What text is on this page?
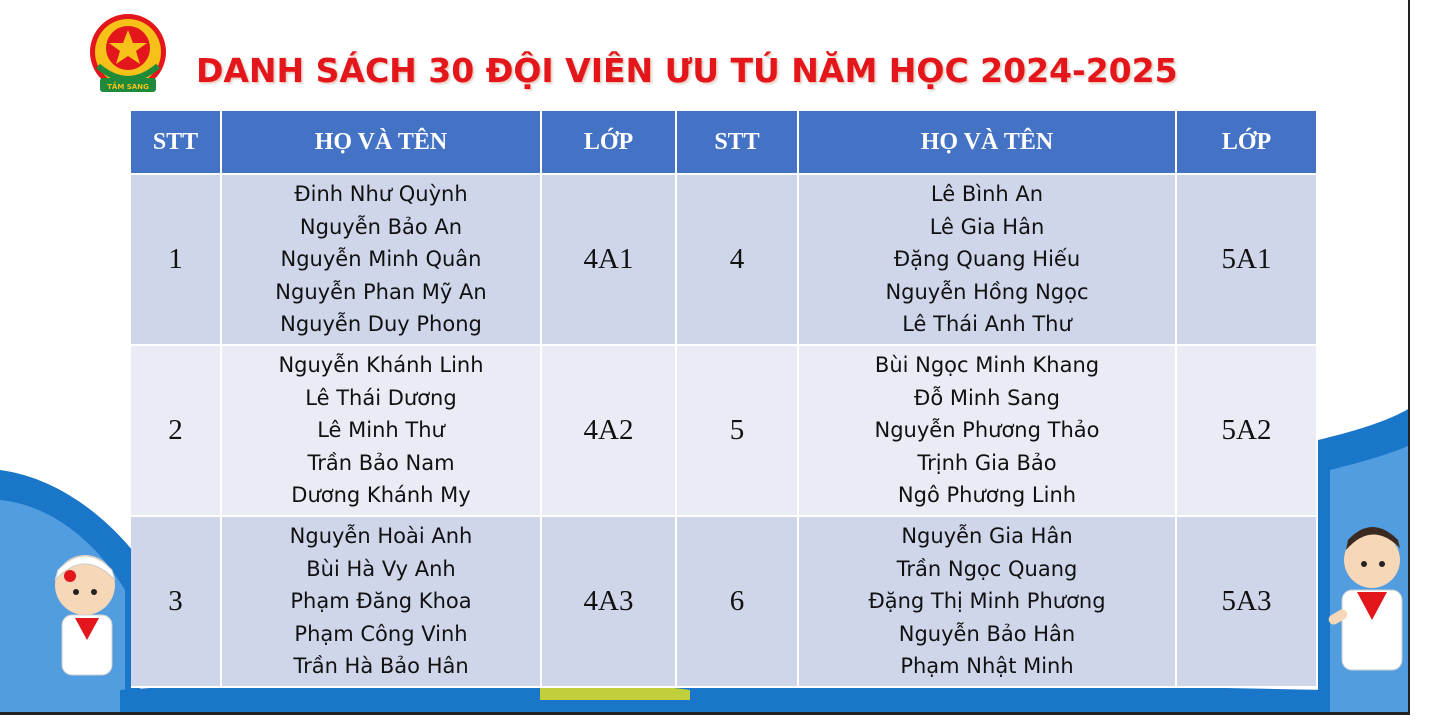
TẦM SANG DANH SÁCH 30 ĐỘI VIÊN ƯU TÚ NĂM HỌC 2024-2025
STT	HỌ VÀ TÊN	LỚP	STT	HỌ VÀ TÊN	LỚP
1	Đinh Như Quỳnh
Nguyễn Bảo An
Nguyễn Minh Quân
Nguyễn Phan Mỹ An
Nguyễn Duy Phong	4A1	4	Lê Bình An
Lê Gia Hân
Đặng Quang Hiếu
Nguyễn Hồng Ngọc
Lê Thái Anh Thư	5A1
2	Nguyễn Khánh Linh
Lê Thái Dương
Lê Minh Thư
Trần Bảo Nam
Dương Khánh My	4A2	5	Bùi Ngọc Minh Khang
Đỗ Minh Sang
Nguyễn Phương Thảo
Trịnh Gia Bảo
Ngô Phương Linh	5A2
3	Nguyễn Hoài Anh
Bùi Hà Vy Anh
Phạm Đăng Khoa
Phạm Công Vinh
Trần Hà Bảo Hân	4A3	6	Nguyễn Gia Hân
Trần Ngọc Quang
Đặng Thị Minh Phương
Nguyễn Bảo Hân
Phạm Nhật Minh	5A3
